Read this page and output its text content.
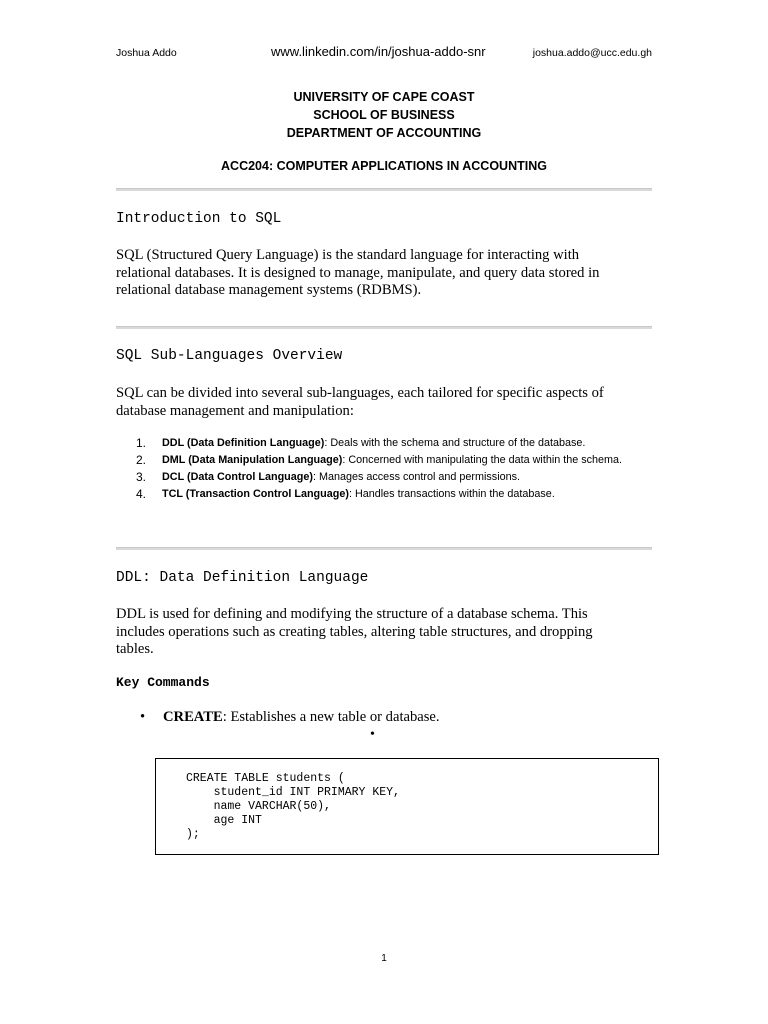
Joshua Addo	www.linkedin.com/in/joshua-addo-snr	joshua.addo@ucc.edu.gh
UNIVERSITY OF CAPE COAST
SCHOOL OF BUSINESS
DEPARTMENT OF ACCOUNTING
ACC204: COMPUTER APPLICATIONS IN ACCOUNTING
Introduction to SQL
SQL (Structured Query Language) is the standard language for interacting with
relational databases. It is designed to manage, manipulate, and query data stored in
relational database management systems (RDBMS).
SQL Sub-Languages Overview
SQL can be divided into several sub-languages, each tailored for specific aspects of
database management and manipulation:
1. DDL (Data Definition Language): Deals with the schema and structure of the database.
2. DML (Data Manipulation Language): Concerned with manipulating the data within the schema.
3. DCL (Data Control Language): Manages access control and permissions.
4. TCL (Transaction Control Language): Handles transactions within the database.
DDL: Data Definition Language
DDL is used for defining and modifying the structure of a database schema. This
includes operations such as creating tables, altering table structures, and dropping
tables.
Key Commands
• CREATE: Establishes a new table or database.
•
CREATE TABLE students (
student_id INT PRIMARY KEY,
name VARCHAR(50),
age INT
);
1
